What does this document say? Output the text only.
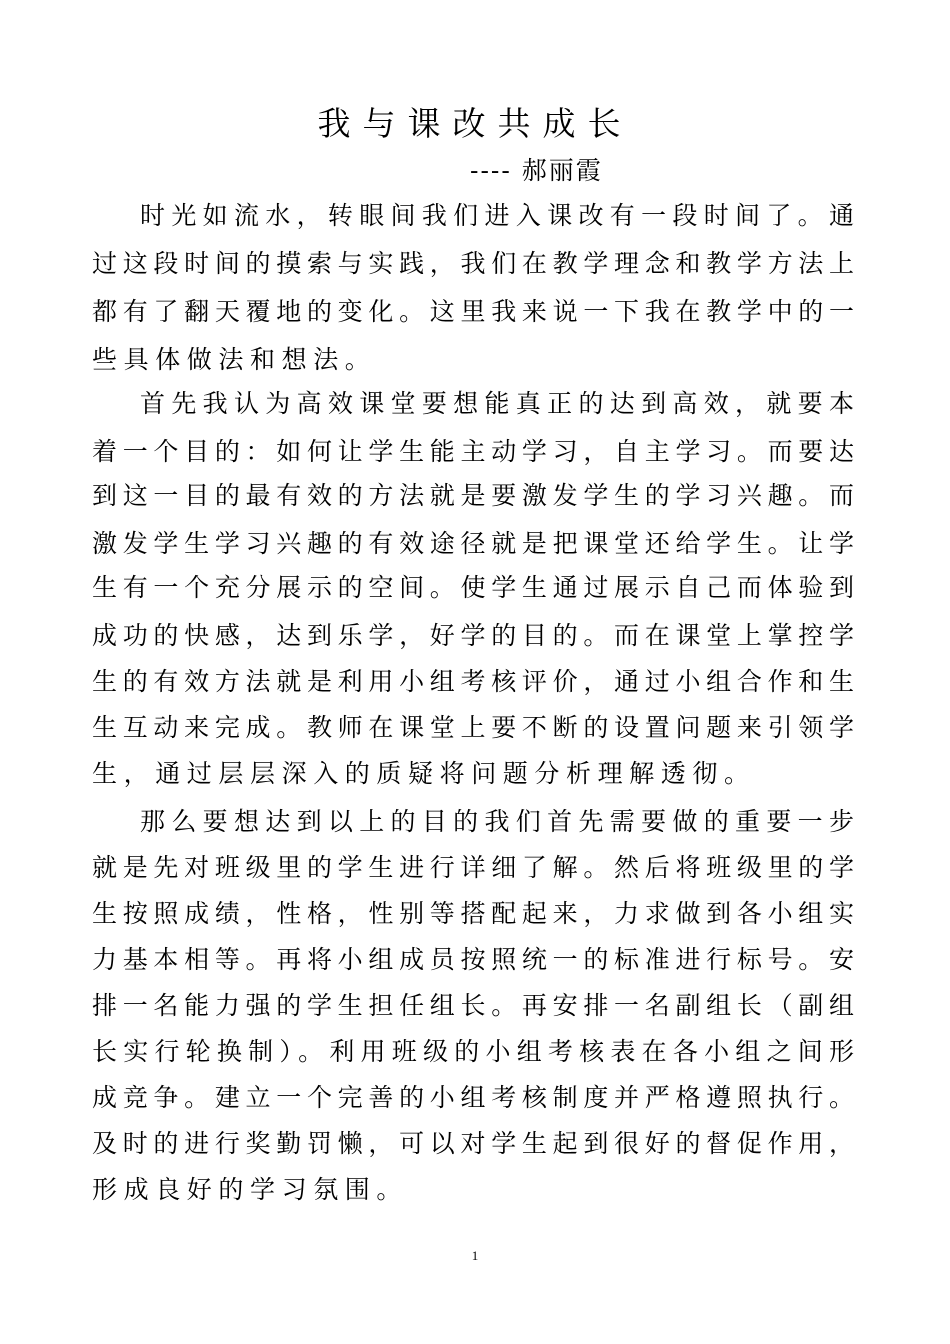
我与课改共成长
---- 郝丽霞
时光如流水，转眼间我们进入课改有一段时间了。通
过这段时间的摸索与实践，我们在教学理念和教学方法上
都有了翻天覆地的变化。这里我来说一下我在教学中的一
些具体做法和想法。
首先我认为高效课堂要想能真正的达到高效，就要本
着一个目的：如何让学生能主动学习，自主学习。而要达
到这一目的最有效的方法就是要激发学生的学习兴趣。而
激发学生学习兴趣的有效途径就是把课堂还给学生。让学
生有一个充分展示的空间。使学生通过展示自己而体验到
成功的快感，达到乐学，好学的目的。而在课堂上掌控学
生的有效方法就是利用小组考核评价，通过小组合作和生
生互动来完成。教师在课堂上要不断的设置问题来引领学
生，通过层层深入的质疑将问题分析理解透彻。
那么要想达到以上的目的我们首先需要做的重要一步
就是先对班级里的学生进行详细了解。然后将班级里的学
生按照成绩，性格，性别等搭配起来，力求做到各小组实
力基本相等。再将小组成员按照统一的标准进行标号。安
排一名能力强的学生担任组长。再安排一名副组长（副组
长实行轮换制）。利用班级的小组考核表在各小组之间形
成竞争。建立一个完善的小组考核制度并严格遵照执行。
及时的进行奖勤罚懒，可以对学生起到很好的督促作用，
形成良好的学习氛围。
1
